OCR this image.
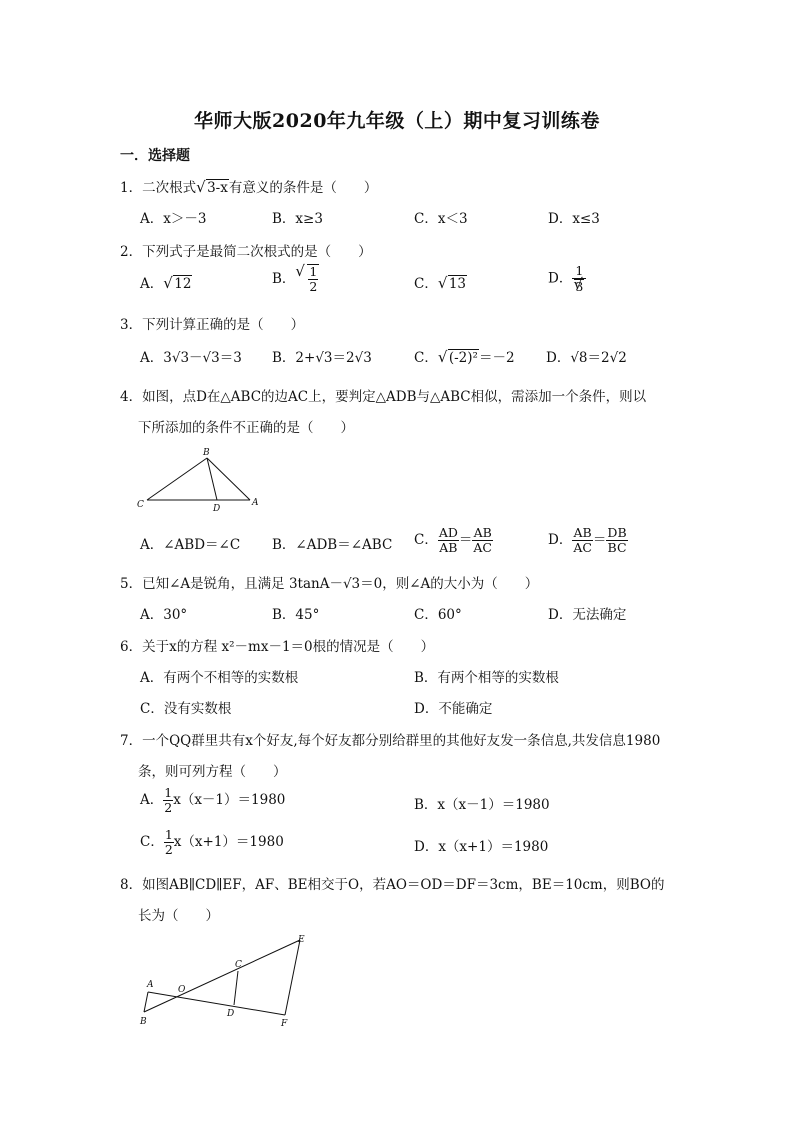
华师大版2020年九年级（上）期中复习训练卷
一．选择题
1．二次根式 √ 3-x有意义的条件是（　　）
A．x＞－3	B．x≥3	C．x＜3	D．x≤3
2．下列式子是最简二次根式的是（　　）
A． √ 12	B． √ $\frac{1}{2}$	C． √ 13	D． 1
√ 3
3．下列计算正确的是（　　）
A．3√3－√3＝3 B．2+√3＝2√3	C． √ (-2)²＝－2 D．√8＝2√2
4．如图，点D在△ABC的边AC上，要判定△ADB与△ABC相似，需添加一个条件，则以
下所添加的条件不正确的是（　　）
B
C	D
A
A．∠ABD＝∠C B．∠ADB＝∠ABC C． $\frac{AD}{AB} = \frac{AB}{AC}$	D． $\frac{AB}{AC} = \frac{DB}{BC}$
5．已知∠A是锐角，且满足 3tanA－√3＝0，则∠A的大小为（　　）
A．30°	B．45°	C．60°	D．无法确定
6．关于x的方程 x²－mx－1＝0根的情况是（　　）
A．有两个不相等的实数根	B．有两个相等的实数根
C．没有实数根	D．不能确定
7．一个QQ群里共有x个好友,每个好友都分别给群里的其他好友发一条信息,共发信息1980
条，则可列方程（　　）
A． $\frac{1}{2} x(x-1)=1980$	B．x（x－1）＝1980
C． $\frac{1}{2} x(x+1)=1980$	D．x（x+1）＝1980
8．如图AB∥CD∥EF，AF、BE相交于O，若AO＝OD＝DF＝3cm，BE＝10cm，则BO的
长为（　　）
E
C
A	O
B
D
F
